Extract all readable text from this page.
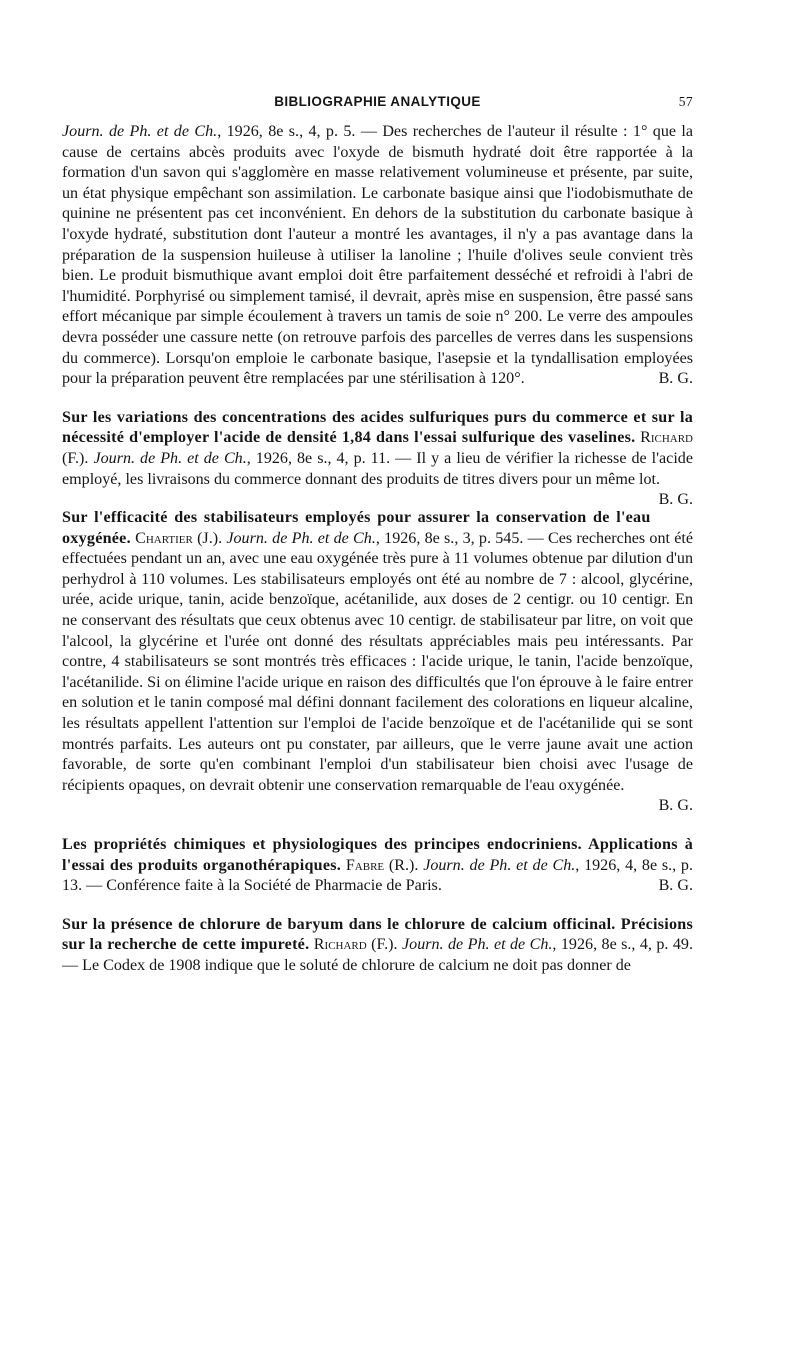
BIBLIOGRAPHIE ANALYTIQUE	57

Journ. de Ph. et de Ch., 1926, 8e s., 4, p. 5. — Des recherches de l'auteur il résulte : 1° que la cause de certains abcès produits avec l'oxyde de bismuth hydraté doit être rapportée à la formation d'un savon qui s'agglomère en masse relativement volumineuse et présente, par suite, un état physique empêchant son assimilation. Le carbonate basique ainsi que l'iodobismuthate de quinine ne présentent pas cet inconvénient. En dehors de la substitution du carbonate basique à l'oxyde hydraté, substitution dont l'auteur a montré les avantages, il n'y a pas avantage dans la préparation de la suspension huileuse à utiliser la lanoline ; l'huile d'olives seule convient très bien. Le produit bismuthique avant emploi doit être parfaitement desséché et refroidi à l'abri de l'humidité. Porphyrisé ou simplement tamisé, il devrait, après mise en suspension, être passé sans effort mécanique par simple écoulement à travers un tamis de soie n° 200. Le verre des ampoules devra posséder une cassure nette (on retrouve parfois des parcelles de verres dans les suspensions du commerce). Lorsqu'on emploie le carbonate basique, l'asepsie et la tyndallisation employées pour la préparation peuvent être remplacées par une stérilisation à 120°.	B. G.

Sur les variations des concentrations des acides sulfuriques purs du commerce et sur la nécessité d'employer l'acide de densité 1,84 dans l'essai sulfurique des vaselines. Richard (F.). Journ. de Ph. et de Ch., 1926, 8e s., 4, p. 11. — Il y a lieu de vérifier la richesse de l'acide employé, les livraisons du commerce donnant des produits de titres divers pour un même lot.
B. G.

Sur l'efficacité des stabilisateurs employés pour assurer la conservation de l'eau oxygénée. Chartier (J.). Journ. de Ph. et de Ch., 1926, 8e s., 3, p. 545. — Ces recherches ont été effectuées pendant un an, avec une eau oxygénée très pure à 11 volumes obtenue par dilution d'un perhydrol à 110 volumes. Les stabilisateurs employés ont été au nombre de 7 : alcool, glycérine, urée, acide urique, tanin, acide benzoïque, acétanilide, aux doses de 2 centigr. ou 10 centigr. En ne conservant des résultats que ceux obtenus avec 10 centigr. de stabilisateur par litre, on voit que l'alcool, la glycérine et l'urée ont donné des résultats appréciables mais peu intéressants. Par contre, 4 stabilisateurs se sont montrés très efficaces : l'acide urique, le tanin, l'acide benzoïque, l'acétanilide. Si on élimine l'acide urique en raison des difficultés que l'on éprouve à le faire entrer en solution et le tanin composé mal défini donnant facilement des colorations en liqueur alcaline, les résultats appellent l'attention sur l'emploi de l'acide benzoïque et de l'acétanilide qui se sont montrés parfaits. Les auteurs ont pu constater, par ailleurs, que le verre jaune avait une action favorable, de sorte qu'en combinant l'emploi d'un stabilisateur bien choisi avec l'usage de récipients opaques, on devrait obtenir une conservation remarquable de l'eau oxygénée.

B. G.

Les propriétés chimiques et physiologiques des principes endocriniens. Applications à l'essai des produits organothérapiques. Fabre (R.). Journ. de Ph. et de Ch., 1926, 4, 8e s., p. 13. — Conférence faite à la Société de Pharmacie de Paris.	B. G.

Sur la présence de chlorure de baryum dans le chlorure de calcium officinal. Précisions sur la recherche de cette impureté. Richard (F.). Journ. de Ph. et de Ch., 1926, 8e s., 4, p. 49. — Le Codex de 1908 indique que le soluté de chlorure de calcium ne doit pas donner de
